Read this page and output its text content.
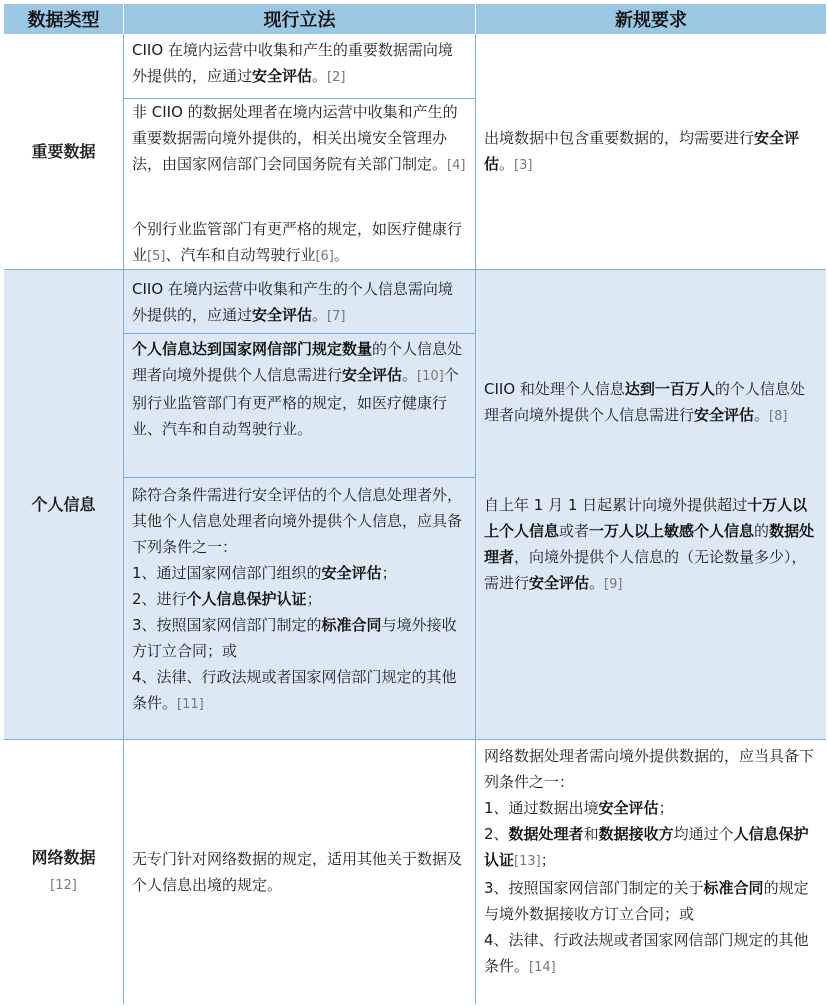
数据类型	现行立法	新规要求
重要数据
CIIO 在境内运营中收集和产生的重要数据需向境外提供的，应通过安全评估。[2]
非 CIIO 的数据处理者在境内运营中收集和产生的重要数据需向境外提供的，相关出境安全管理办法，由国家网信部门会同国务院有关部门制定。[4]
个别行业监管部门有更严格的规定，如医疗健康行业[5]、汽车和自动驾驶行业[6]。
出境数据中包含重要数据的，均需要进行安全评估。[3]
个人信息
CIIO 在境内运营中收集和产生的个人信息需向境外提供的，应通过安全评估。[7]
个人信息达到国家网信部门规定数量的个人信息处理者向境外提供个人信息需进行安全评估。[10]个别行业监管部门有更严格的规定，如医疗健康行业、汽车和自动驾驶行业。
除符合条件需进行安全评估的个人信息处理者外，其他个人信息处理者向境外提供个人信息，应具备下列条件之一：
1、通过国家网信部门组织的安全评估；
2、进行个人信息保护认证；
3、按照国家网信部门制定的标准合同与境外接收方订立合同；或
4、法律、行政法规或者国家网信部门规定的其他条件。[11]
CIIO 和处理个人信息达到一百万人的个人信息处理者向境外提供个人信息需进行安全评估。[8]
自上年 1 月 1 日起累计向境外提供超过十万人以上个人信息或者一万人以上敏感个人信息的数据处理者，向境外提供个人信息的（无论数量多少），需进行安全评估。[9]
网络数据
[12]
无专门针对网络数据的规定，适用其他关于数据及个人信息出境的规定。
网络数据处理者需向境外提供数据的，应当具备下列条件之一：
1、通过数据出境安全评估；
2、数据处理者和数据接收方均通过个人信息保护认证[13]；
3、按照国家网信部门制定的关于标准合同的规定与境外数据接收方订立合同；或
4、法律、行政法规或者国家网信部门规定的其他条件。[14]
